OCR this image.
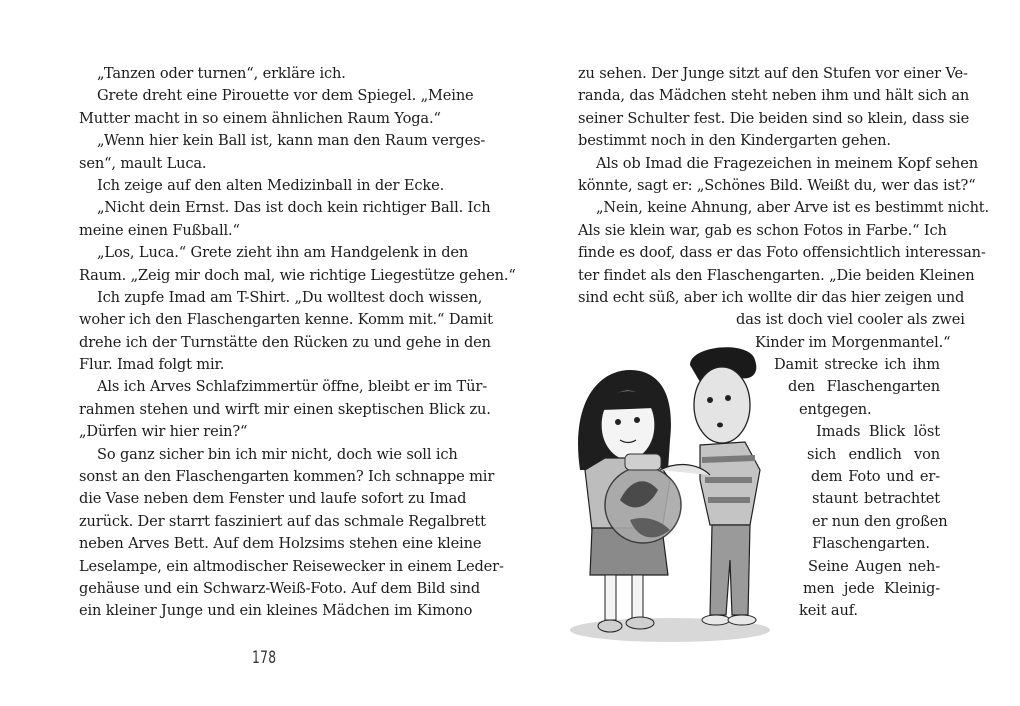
„Tanzen oder turnen“, erkläre ich.
Grete dreht eine Pirouette vor dem Spiegel. „Meine
Mutter macht in so einem ähnlichen Raum Yoga.“
„Wenn hier kein Ball ist, kann man den Raum verges-
sen“, mault Luca.
Ich zeige auf den alten Medizinball in der Ecke.
„Nicht dein Ernst. Das ist doch kein richtiger Ball. Ich
meine einen Fußball.“
„Los, Luca.“ Grete zieht ihn am Handgelenk in den
Raum. „Zeig mir doch mal, wie richtige Liegestütze gehen.“
Ich zupfe Imad am T-Shirt. „Du wolltest doch wissen,
woher ich den Flaschengarten kenne. Komm mit.“ Damit
drehe ich der Turnstätte den Rücken zu und gehe in den
Flur. Imad folgt mir.
Als ich Arves Schlafzimmertür öffne, bleibt er im Tür-
rahmen stehen und wirft mir einen skeptischen Blick zu.
„Dürfen wir hier rein?“
So ganz sicher bin ich mir nicht, doch wie soll ich
sonst an den Flaschengarten kommen? Ich schnappe mir
die Vase neben dem Fenster und laufe sofort zu Imad
zurück. Der starrt fasziniert auf das schmale Regalbrett
neben Arves Bett. Auf dem Holzsims stehen eine kleine
Leselampe, ein altmodischer Reisewecker in einem Leder-
gehäuse und ein Schwarz-Weiß-Foto. Auf dem Bild sind
ein kleiner Junge und ein kleines Mädchen im Kimono
178
zu sehen. Der Junge sitzt auf den Stufen vor einer Ve-
randa, das Mädchen steht neben ihm und hält sich an
seiner Schulter fest. Die beiden sind so klein, dass sie
bestimmt noch in den Kindergarten gehen.
Als ob Imad die Fragezeichen in meinem Kopf sehen
könnte, sagt er: „Schönes Bild. Weißt du, wer das ist?“
„Nein, keine Ahnung, aber Arve ist es bestimmt nicht.
Als sie klein war, gab es schon Fotos in Farbe.“ Ich
finde es doof, dass er das Foto offensichtlich interessan-
ter findet als den Flaschengarten. „Die beiden Kleinen
sind echt süß, aber ich wollte dir das hier zeigen und
das ist doch viel cooler als zwei
Kinder im Morgenmantel.“
Damit strecke ich ihm
den Flaschengarten
entgegen.
Imads Blick löst
sich endlich von
dem Foto und er-
staunt betrachtet
er nun den großen
Flaschengarten.
Seine Augen neh-
men jede Kleinig-
keit auf.
